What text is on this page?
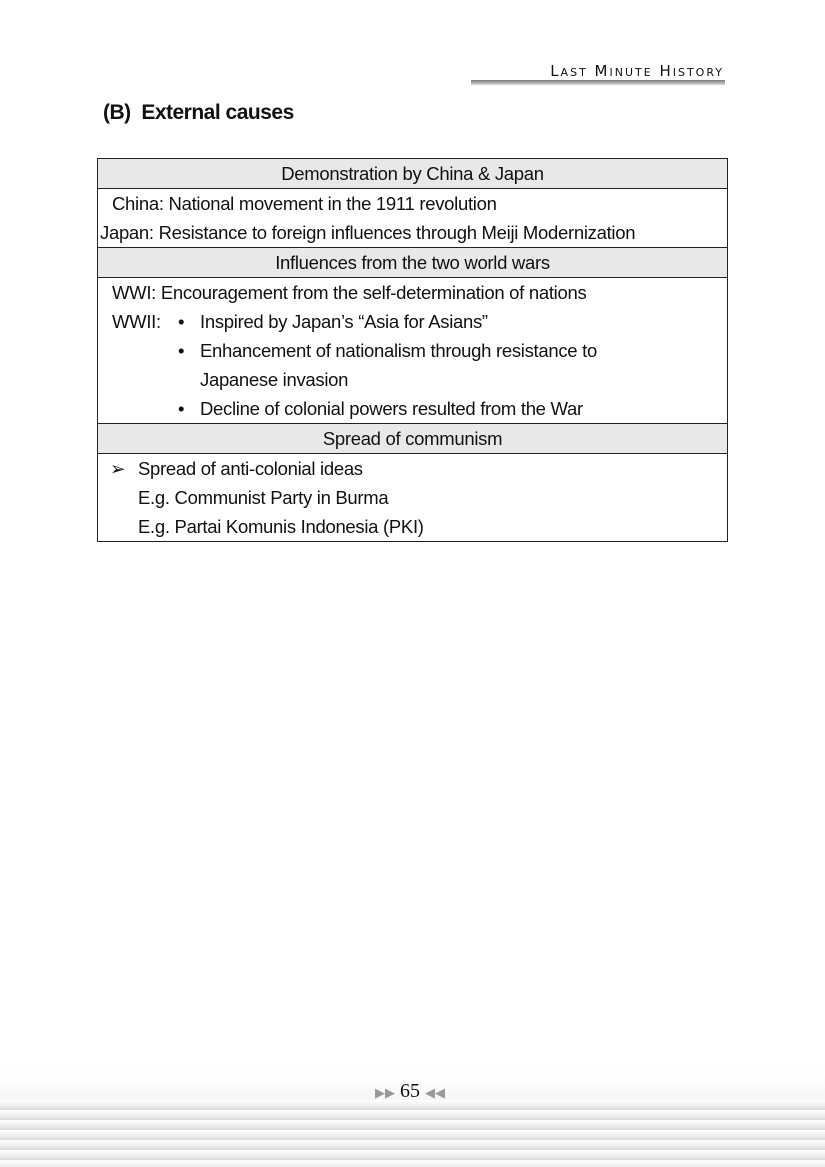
Last Minute History
(B)  External causes
Demonstration by China & Japan

China: National movement in the 1911 revolution
Japan: Resistance to foreign influences through Meiji Modernization

Influences from the two world wars

WWI: Encouragement from the self-determination of nations
WWII:	• Inspired by Japan’s “Asia for Asians”
• Enhancement of nationalism through resistance to Japanese invasion
• Decline of colonial powers resulted from the War

Spread of communism

➢ Spread of anti-colonial ideas
E.g. Communist Party in Burma
E.g. Partai Komunis Indonesia (PKI)
▶▶ 65 ◀◀
